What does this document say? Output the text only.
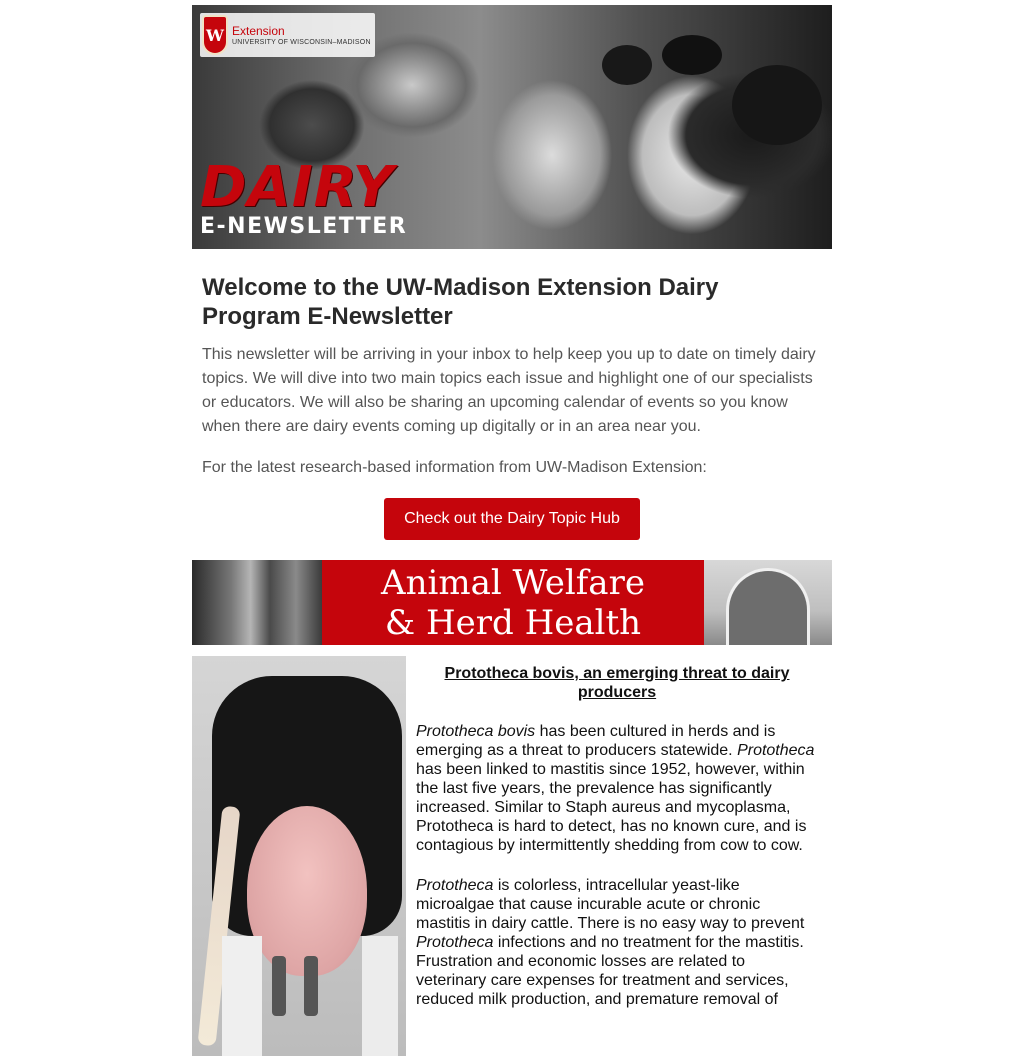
W
Extension
UNIVERSITY OF WISCONSIN–MADISON
DAIRY
E-NEWSLETTER
Welcome to the UW-Madison Extension Dairy Program E-Newsletter

This newsletter will be arriving in your inbox to help keep you up to date on timely dairy topics. We will dive into two main topics each issue and highlight one of our specialists or educators. We will also be sharing an upcoming calendar of events so you know when there are dairy events coming up digitally or in an area near you.

For the latest research-based information from UW-Madison Extension:

Check out the Dairy Topic Hub
Animal Welfare
& Herd Health
Prototheca bovis, an emerging threat to dairy producers

Prototheca bovis has been cultured in herds and is emerging as a threat to producers statewide. Prototheca has been linked to mastitis since 1952, however, within the last five years, the prevalence has significantly increased. Similar to Staph aureus and mycoplasma, Prototheca is hard to detect, has no known cure, and is contagious by intermittently shedding from cow to cow.

Prototheca is colorless, intracellular yeast-like microalgae that cause incurable acute or chronic mastitis in dairy cattle. There is no easy way to prevent Prototheca infections and no treatment for the mastitis. Frustration and economic losses are related to veterinary care expenses for treatment and services, reduced milk production, and premature removal of
